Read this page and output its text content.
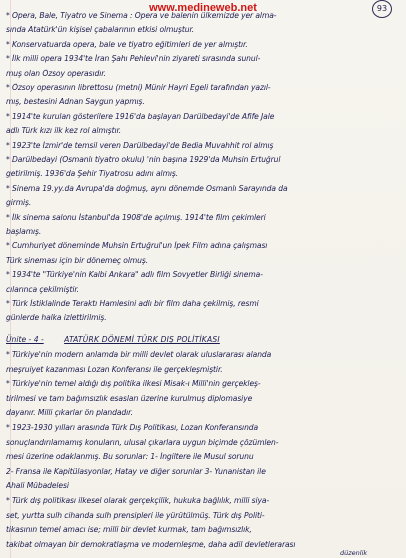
www.medineweb.net	93
* Opera, Bale, Tiyatro ve Sinema : Opera ve balenin ülkemizde yer alma-
sında Atatürk'ün kişisel çabalarının etkisi olmuştur.
* Konservatuarda opera, bale ve tiyatro eğitimleri de yer almıştır.
* İlk milli opera 1934'te İran Şahı Pehlevi'nin ziyareti sırasında sunul-
muş olan Özsoy operasıdır.
* Özsoy operasının librettosu (metni) Münir Hayri Egeli tarafından yazıl-
mış, bestesini Adnan Saygun yapmış.
* 1914'te kurulan gösterilere 1916'da başlayan Darülbedayi'de Afife Jale
adlı Türk kızı ilk kez rol almıştır.
* 1923'te İzmir'de temsil veren Darülbedayi'de Bedia Muvahhit rol almış
* Darülbedayi (Osmanlı tiyatro okulu) 'nin başına 1929'da Muhsin Ertuğrul
getirilmiş. 1936'da Şehir Tiyatrosu adını almış.
* Sinema 19.yy.da Avrupa'da doğmuş, aynı dönemde Osmanlı Sarayında da
girmiş.
* İlk sinema salonu İstanbul'da 1908'de açılmış. 1914'te film çekimleri
başlamış.
* Cumhuriyet döneminde Muhsin Ertuğrul'un İpek Film adına çalışması
Türk sineması için bir dönemeç olmuş.
* 1934'te "Türkiye'nin Kalbi Ankara" adlı film Sovyetler Birliği sinema-
cılarınca çekilmiştir.
* Türk İstiklalinde Teraktı Hamlesini adlı bir film daha çekilmiş, resmi
günlerde halka izlettirilmiş.
Ünite - 4 -	ATATÜRK DÖNEMİ TÜRK DIŞ POLİTİKASI
* Türkiye'nin modern anlamda bir milli devlet olarak uluslararası alanda
meşruiyet kazanması Lozan Konferansı ile gerçekleşmiştir.
* Türkiye'nin temel aldığı dış politika ilkesi Misak-ı Milli'nin gerçekleş-
tirilmesi ve tam bağımsızlık esasları üzerine kurulmuş diplomasiye
dayanır. Milli çıkarlar ön plandadır.
* 1923-1930 yılları arasında Türk Dış Politikası, Lozan Konferansında
sonuçlandırılamamış konuların, ulusal çıkarlara uygun biçimde çözümlen-
mesi üzerine odaklanmış. Bu sorunlar: 1- İngiltere ile Musul sorunu
2- Fransa ile Kapitülasyonlar, Hatay ve diğer sorunlar 3- Yunanistan ile
Ahali Mübadelesi
* Türk dış politikası ilkesel olarak gerçekçilik, hukuka bağlılık, milli siya-
set, yurtta sulh cihanda sulh prensipleri ile yürütülmüş. Türk dış Politi-
tikasının temel amacı ise; milli bir devlet kurmak, tam bağımsızlık,
takibat olmayan bir demokratlaşma ve modernleşme, daha adil devletlerarası
düzenlik
